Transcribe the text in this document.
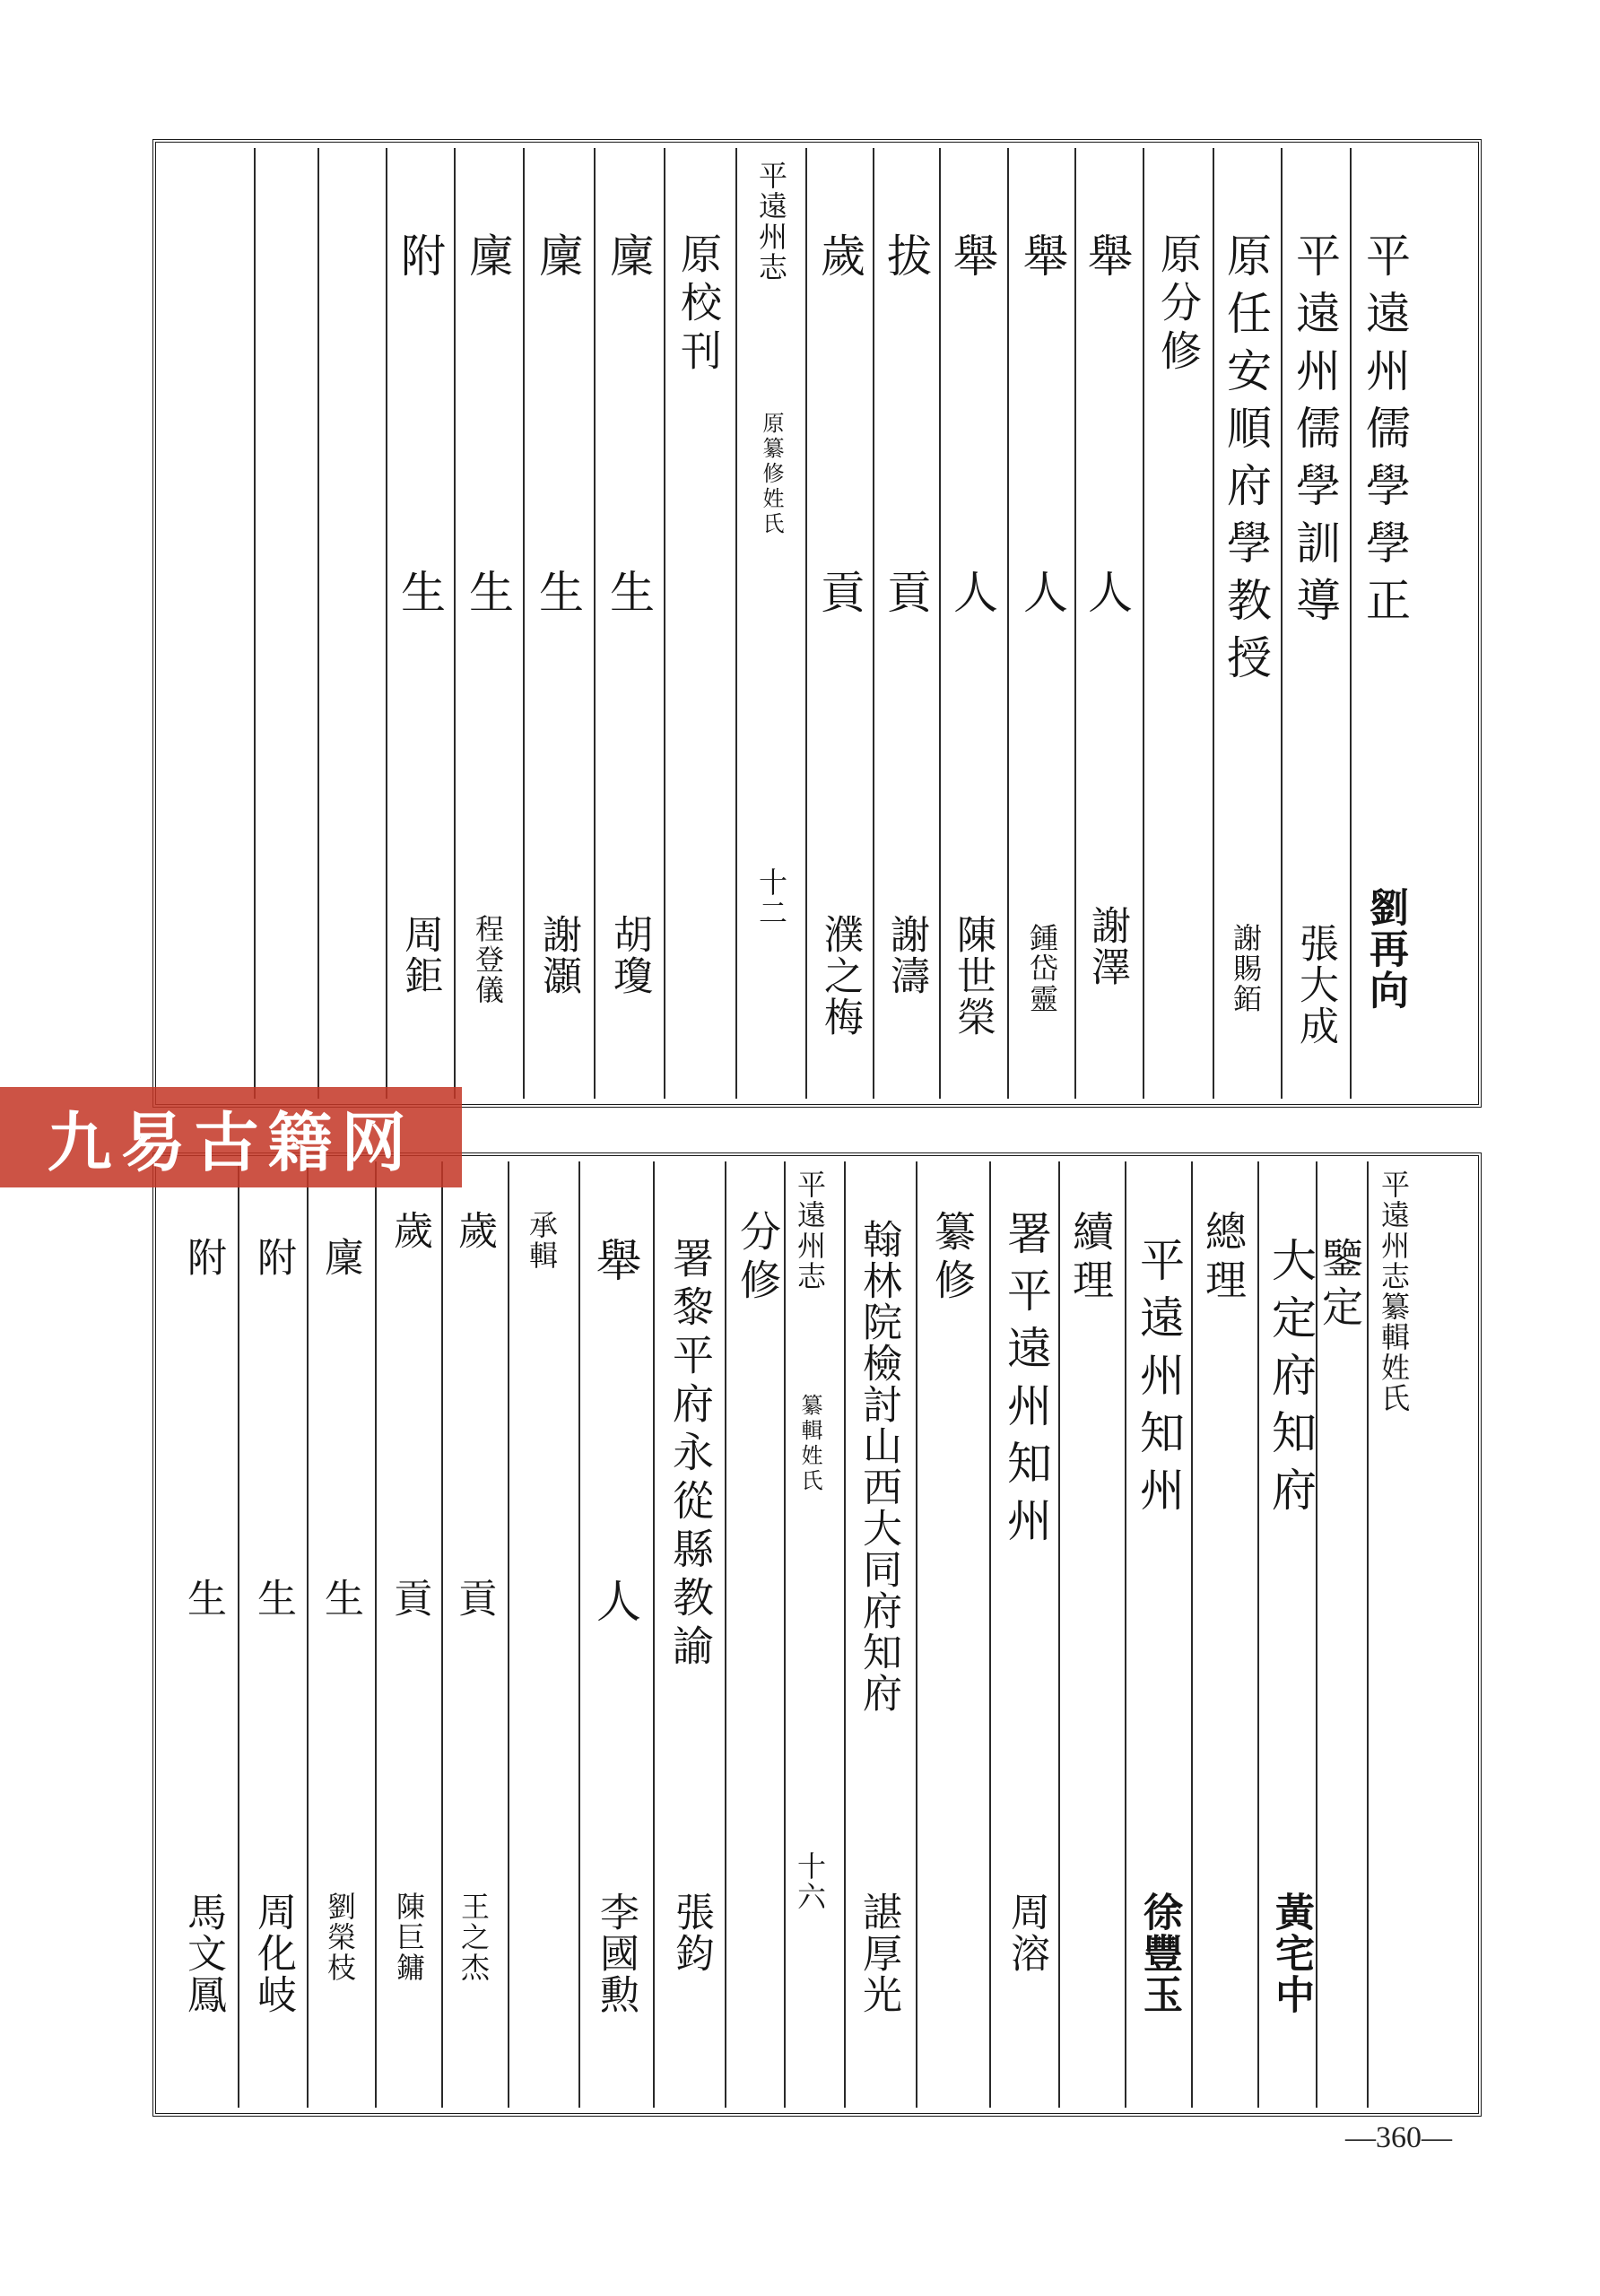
平遠州儒學學正
劉再向
平遠州儒學訓導
張大成
原任安順府學教授
謝賜銆
原分修
舉
人
謝澤
舉
人
鍾岱靈
舉
人
陳世榮
拔
貢
謝濤
歲
貢
濮之梅
平遠州志
原纂修姓氏
十二
原校刊
廩
生
胡瓊
廩
生
謝灝
廩
生
程登儀
附
生
周鉅
平遠州志纂輯姓氏
鑒定
大定府知府
黃宅中
總理
平遠州知州
徐豐玉
續理
署平遠州知州
周溶
纂修
翰林院檢討山西大同府知府
諶厚光
平遠州志
纂輯姓氏
十六
分修
署黎平府永從縣教諭
張鈞
舉
人
李國勲
承輯
歲
貢
王之杰
歲
貢
陳巨鏞
廩
生
劉榮枝
附
生
周化岐
附
生
馬文鳳
九易古籍网
—360—
